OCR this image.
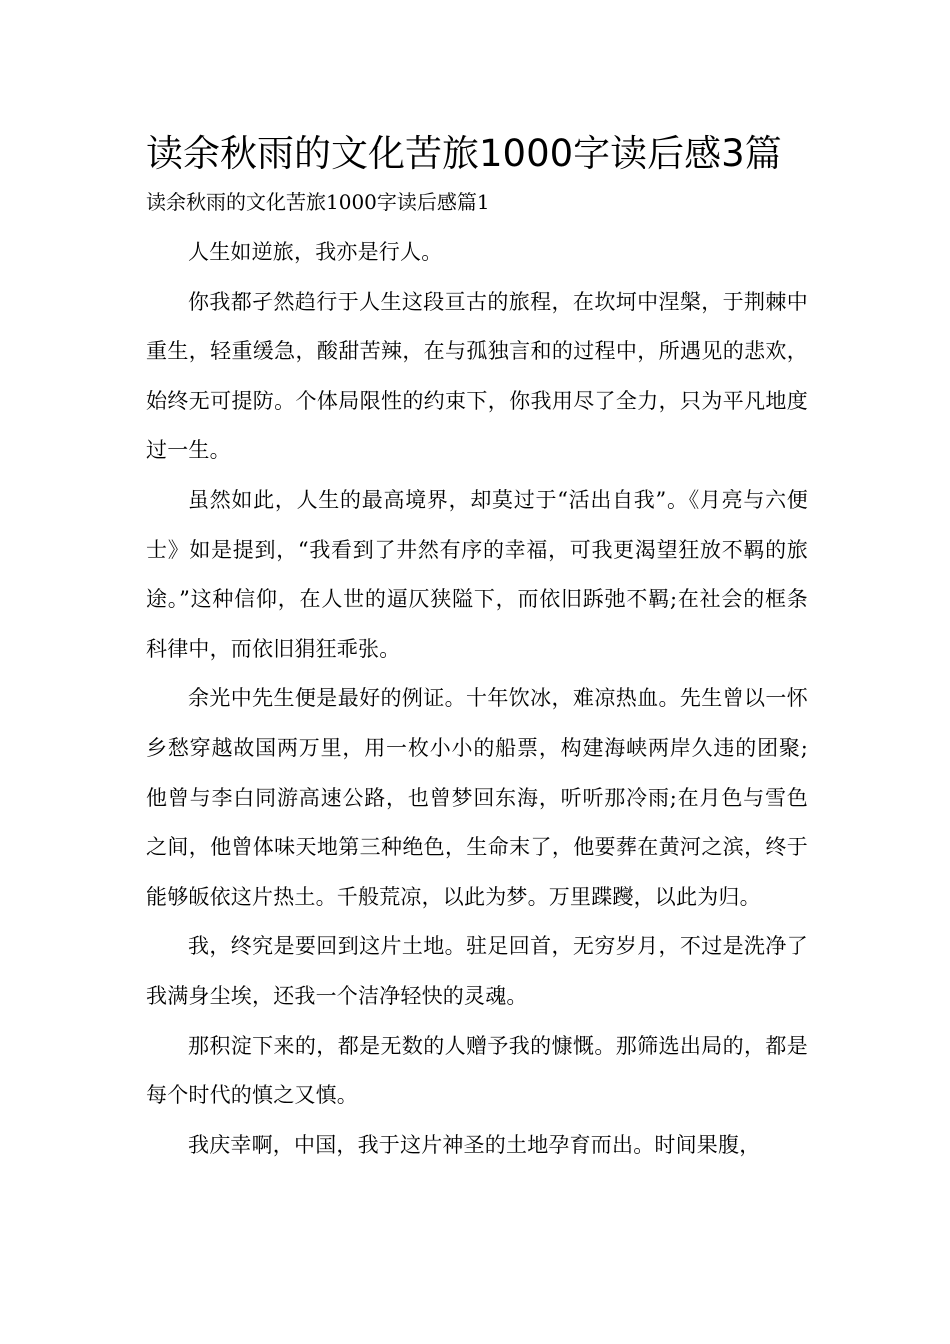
读余秋雨的文化苦旅1000字读后感3篇
读余秋雨的文化苦旅1000字读后感篇1

人生如逆旅，我亦是行人。

你我都孑然趋行于人生这段亘古的旅程，在坎坷中涅槃，于荆棘中重生，轻重缓急，酸甜苦辣，在与孤独言和的过程中，所遇见的悲欢，始终无可提防。个体局限性的约束下，你我用尽了全力，只为平凡地度过一生。

虽然如此，人生的最高境界，却莫过于“活出自我”。《月亮与六便士》如是提到，“我看到了井然有序的幸福，可我更渴望狂放不羁的旅途。”这种信仰，在人世的逼仄狭隘下，而依旧跅弛不羁;在社会的框条科律中，而依旧狷狂乖张。

余光中先生便是最好的例证。十年饮冰，难凉热血。先生曾以一怀乡愁穿越故国两万里，用一枚小小的船票，构建海峡两岸久违的团聚;他曾与李白同游高速公路，也曾梦回东海，听听那冷雨;在月色与雪色之间，他曾体味天地第三种绝色，生命末了，他要葬在黄河之滨，终于能够皈依这片热土。千般荒凉，以此为梦。万里蹀躞，以此为归。

我，终究是要回到这片土地。驻足回首，无穷岁月，不过是洗净了我满身尘埃，还我一个洁净轻快的灵魂。

那积淀下来的，都是无数的人赠予我的慷慨。那筛选出局的，都是每个时代的慎之又慎。

我庆幸啊，中国，我于这片神圣的土地孕育而出。时间果腹，
